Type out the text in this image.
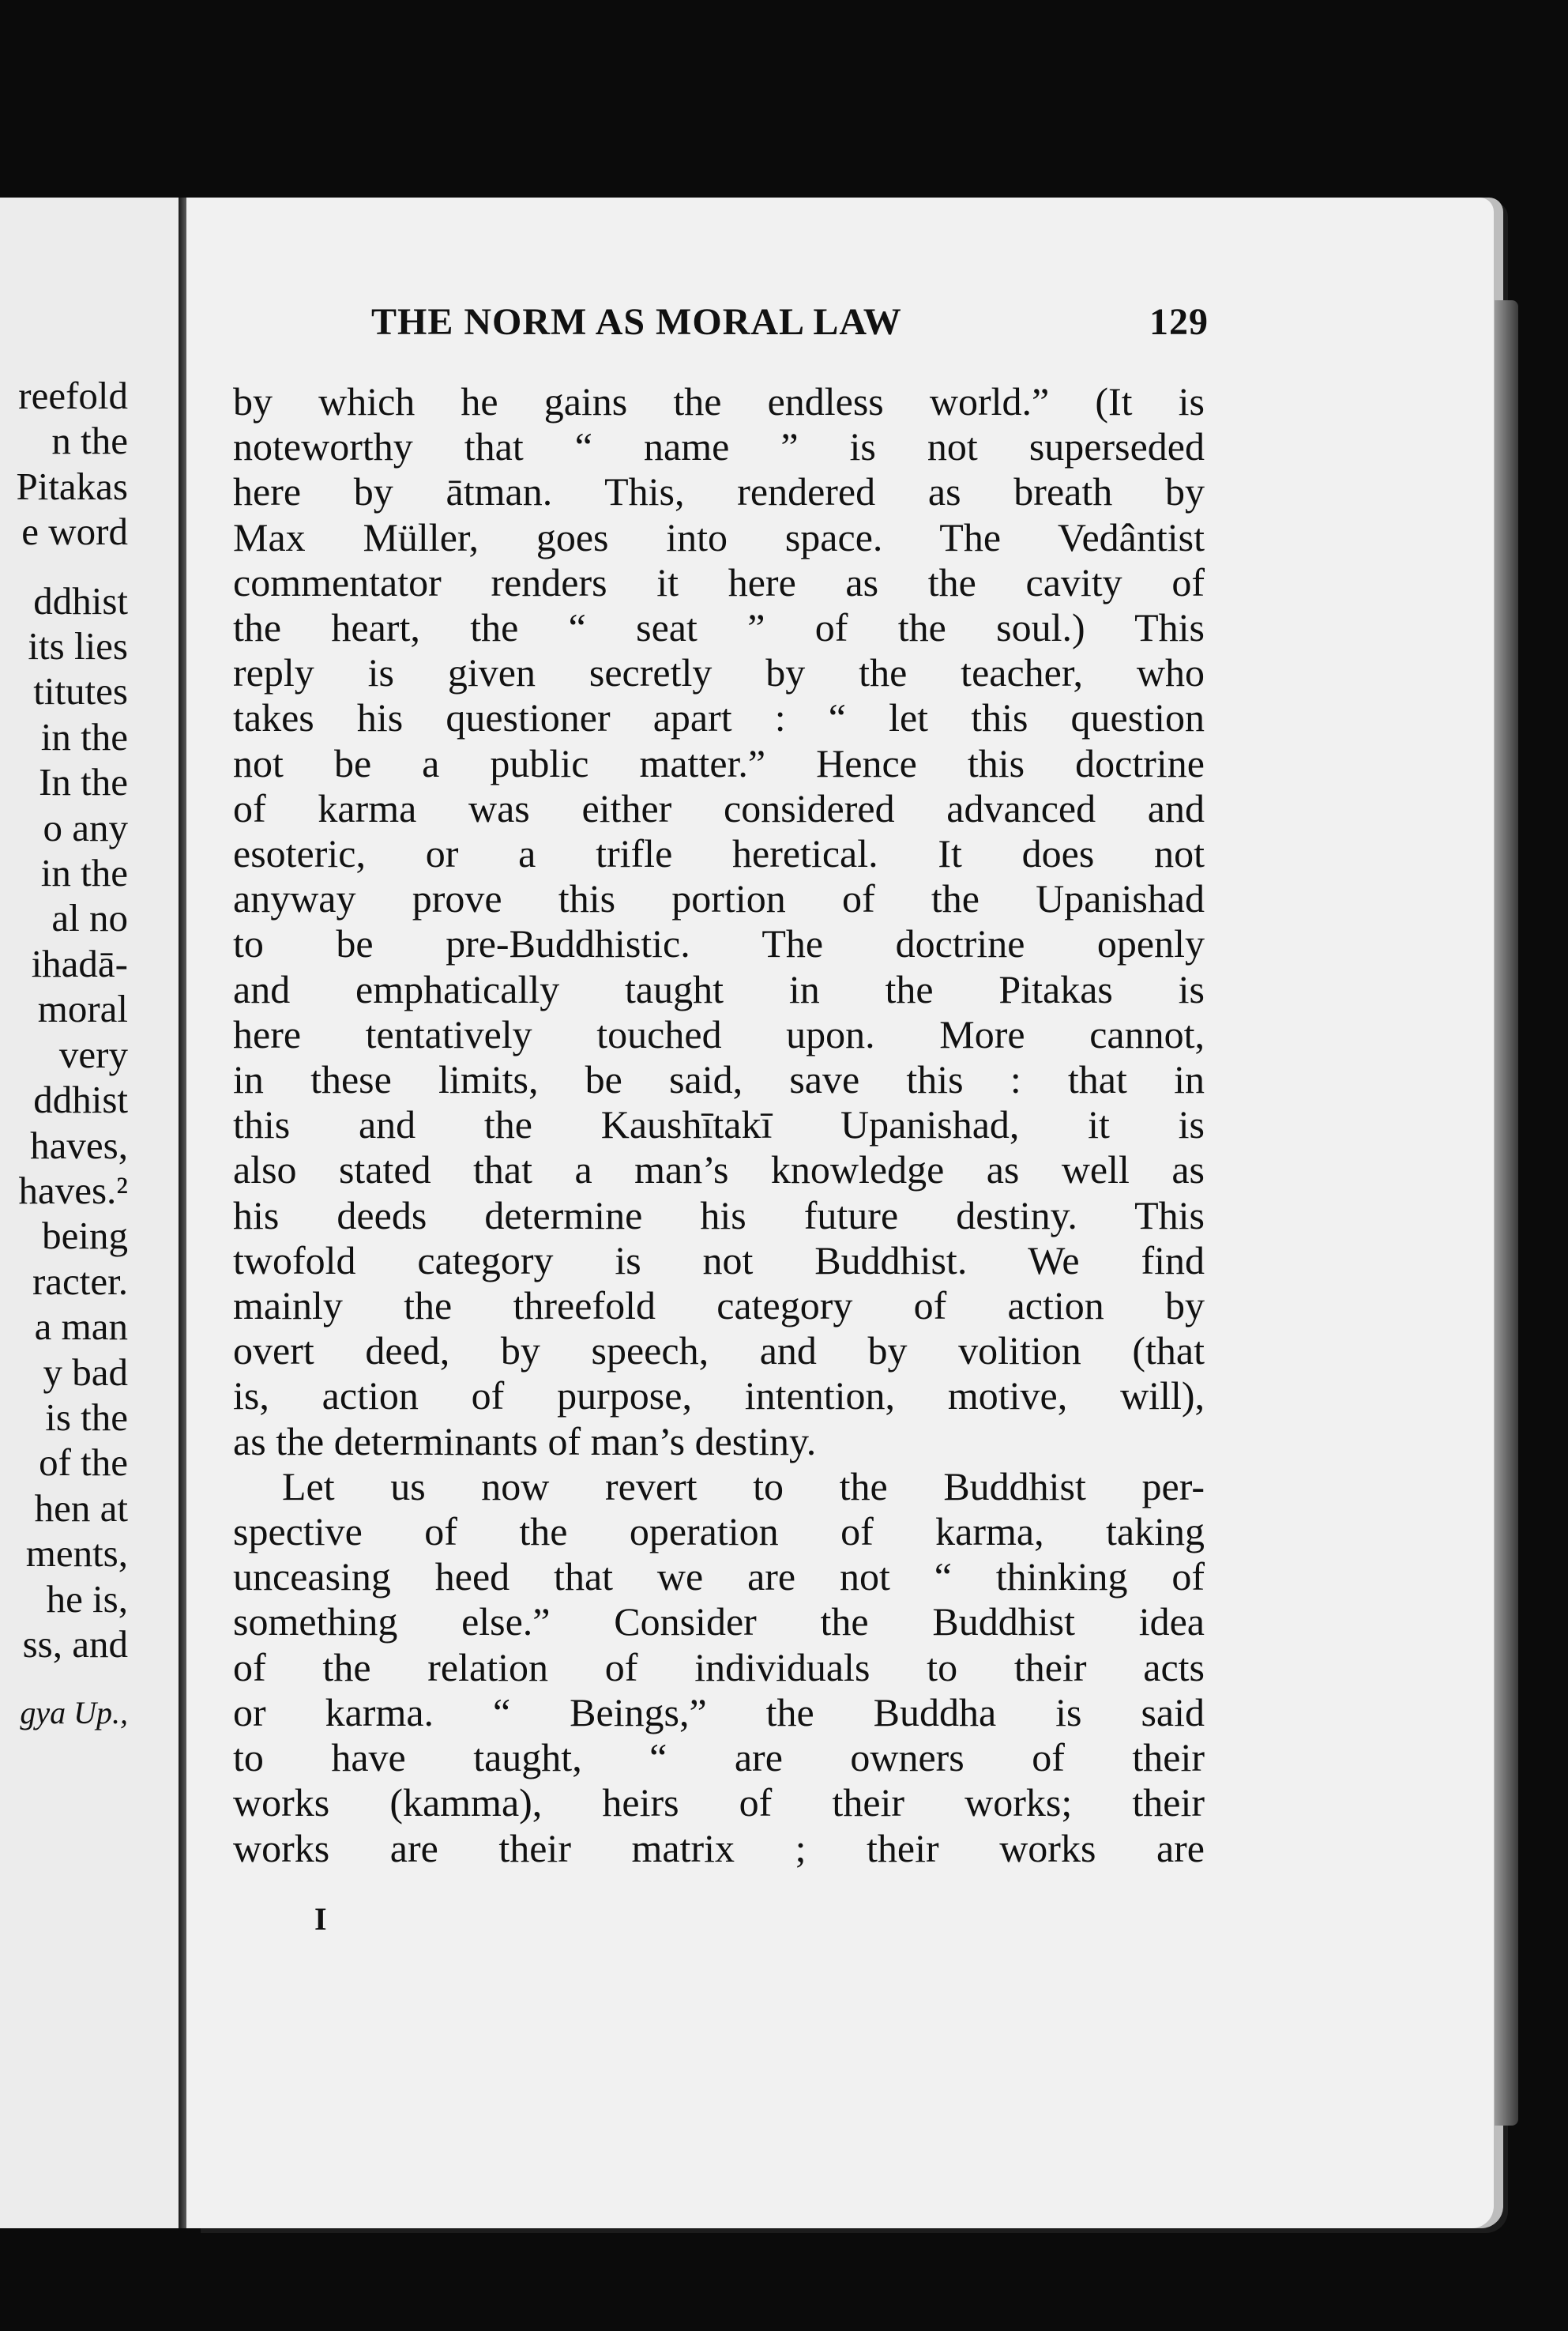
reefold
n the
Pitakas
e word
ddhist
its lies
titutes
in the
In the
o any
in the
al no
ihadā-
moral
very
ddhist
haves,
haves.²
being
racter.
a man
y bad
is the
of the
hen at
ments,
he is,
ss, and
gya Up.,
THE NORM AS MORAL LAW	129
by which he gains the endless world.” (It is
noteworthy that “ name ” is not superseded
here by ātman. This, rendered as breath by
Max Müller, goes into space. The Vedântist
commentator renders it here as the cavity of
the heart, the “ seat ” of the soul.) This
reply is given secretly by the teacher, who
takes his questioner apart : “ let this question
not be a public matter.” Hence this doctrine
of karma was either considered advanced and
esoteric, or a trifle heretical. It does not
anyway prove this portion of the Upanishad
to be pre-Buddhistic. The doctrine openly
and emphatically taught in the Pitakas is
here tentatively touched upon. More cannot,
in these limits, be said, save this : that in
this and the Kaushītakī Upanishad, it is
also stated that a man’s knowledge as well as
his deeds determine his future destiny. This
twofold category is not Buddhist. We find
mainly the threefold category of action by
overt deed, by speech, and by volition (that
is, action of purpose, intention, motive, will),
as the determinants of man’s destiny.
Let us now revert to the Buddhist per-
spective of the operation of karma, taking
unceasing heed that we are not “ thinking of
something else.” Consider the Buddhist idea
of the relation of individuals to their acts
or karma. “ Beings,” the Buddha is said
to have taught, “ are owners of their
works (kamma), heirs of their works; their
works are their matrix ; their works are
I
